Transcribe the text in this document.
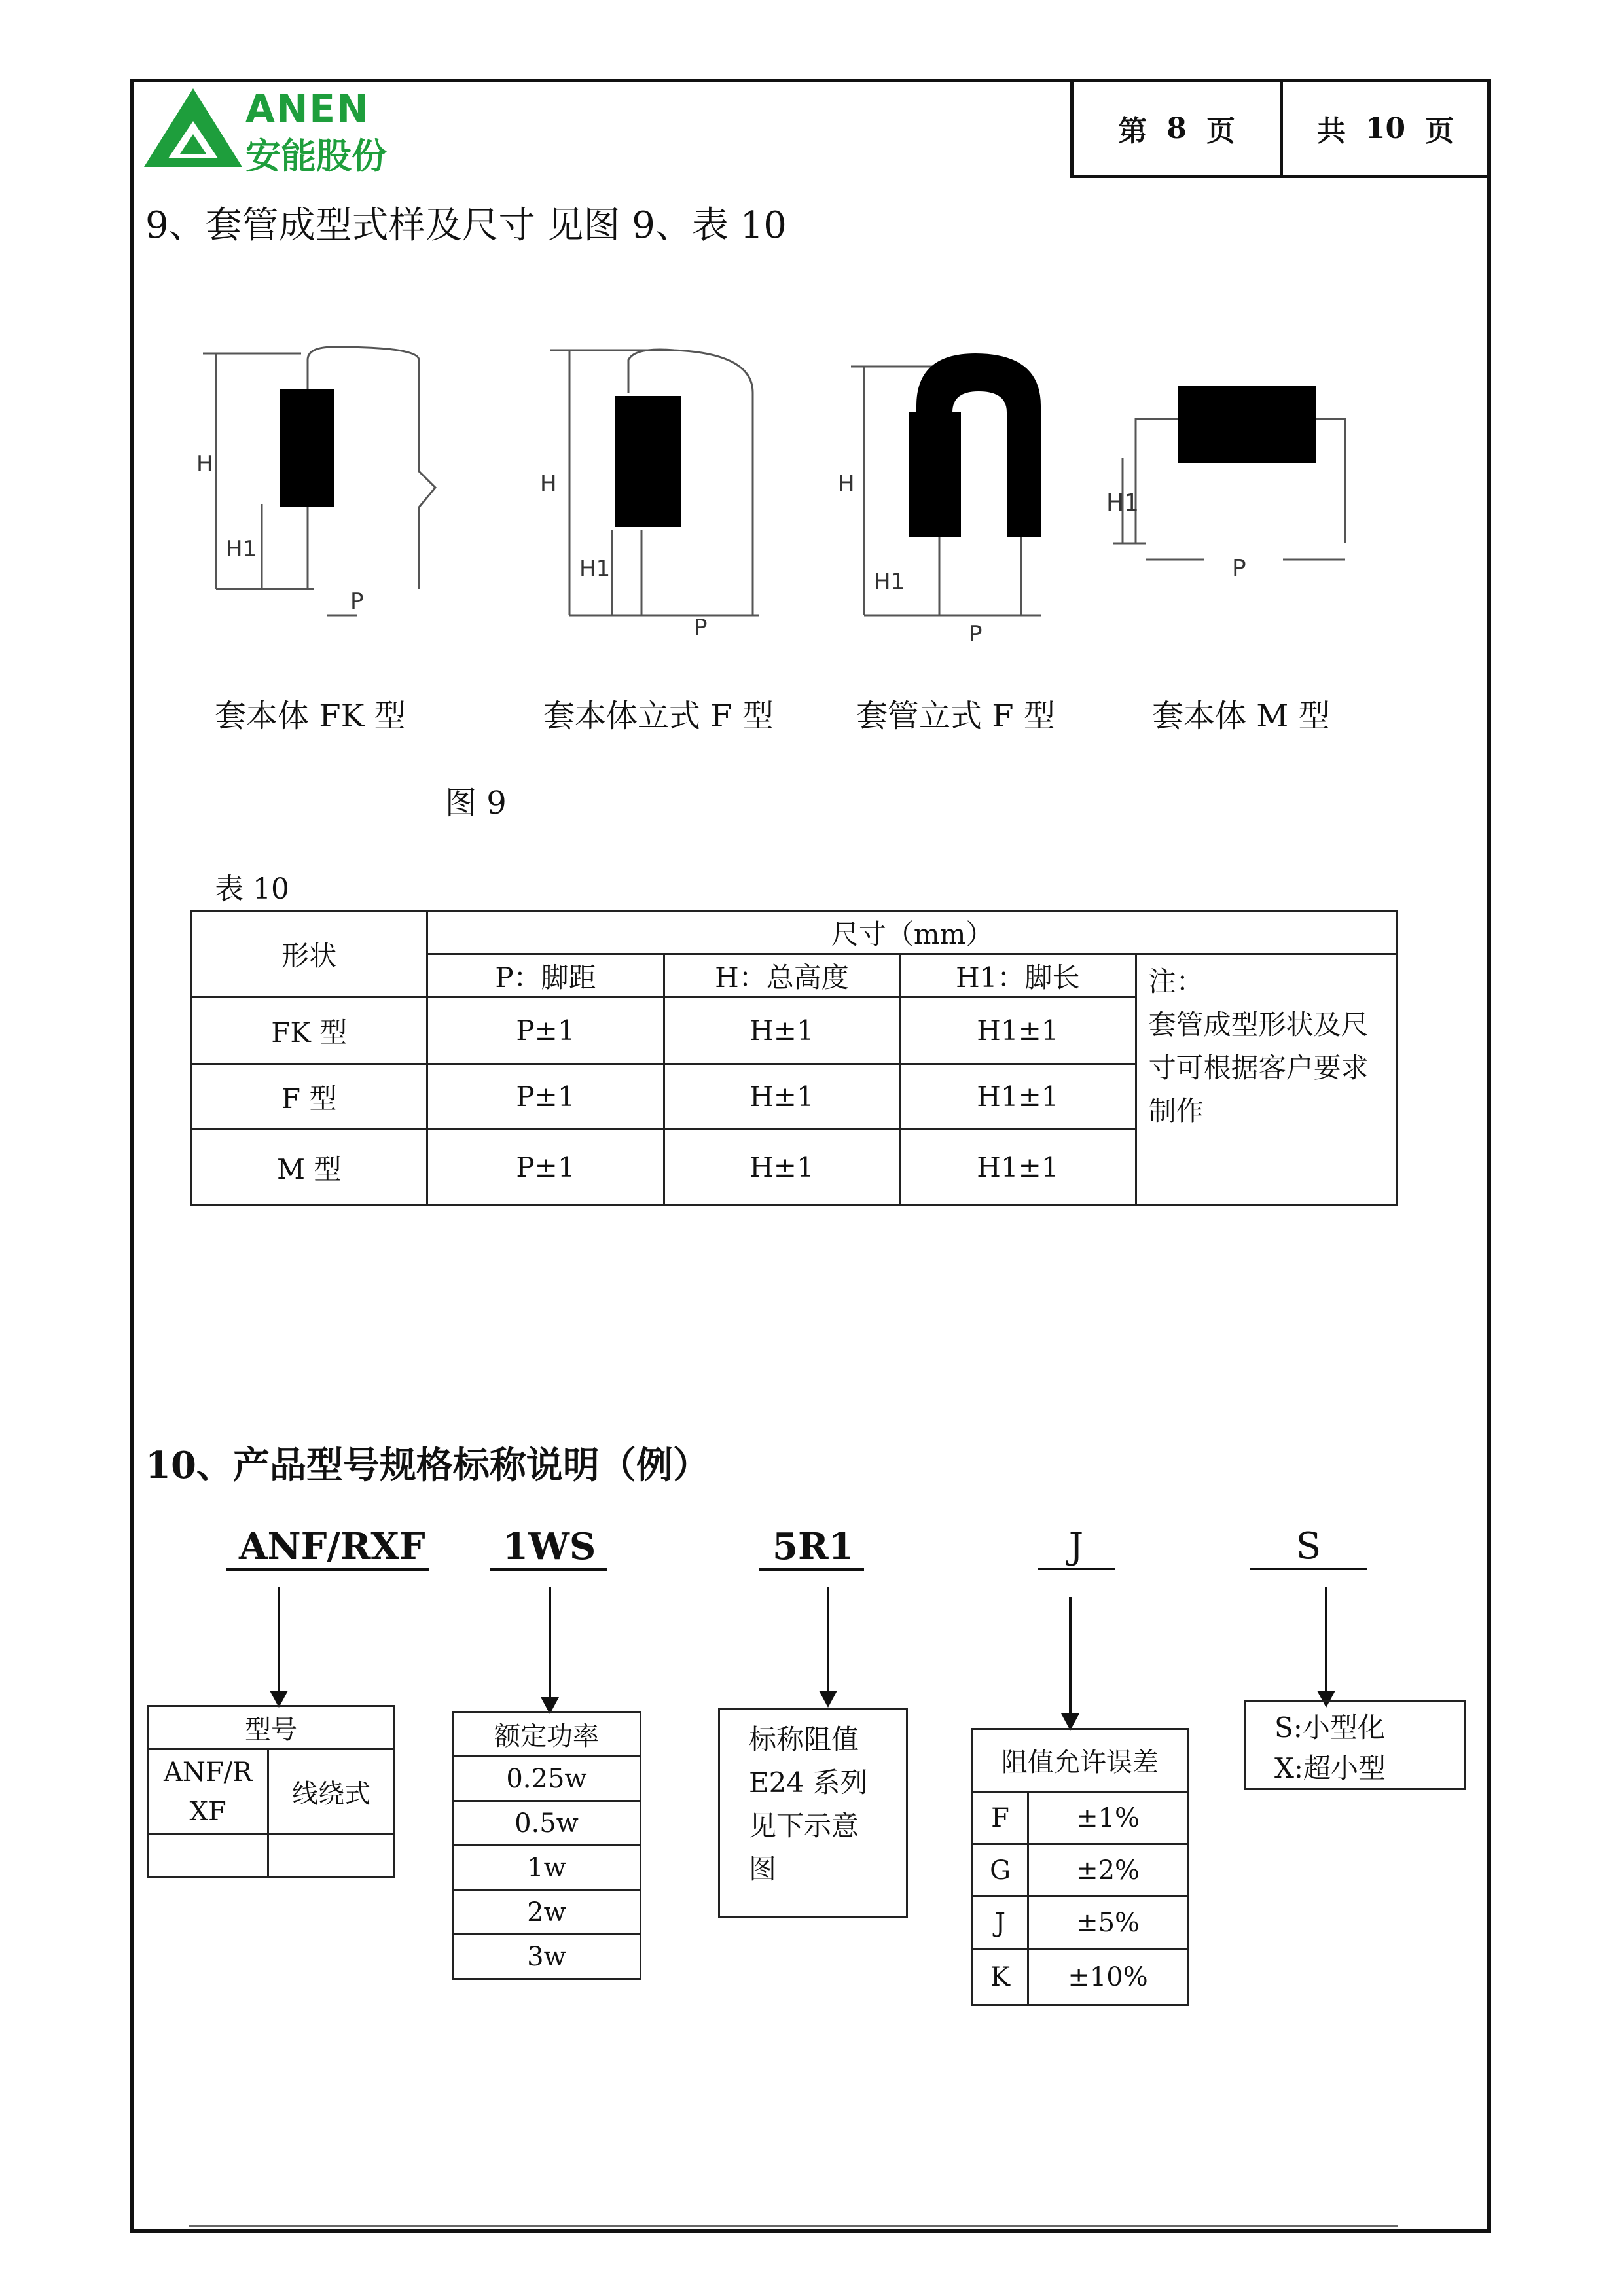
ANEN
安能股份
第 8 页	共 10 页
9、套管成型式样及尺寸 见图 9、表 10
H
H1
P
H
H1
P
H
H1
P
H1
P
套本体 FK 型	套本体立式 F 型	套管立式 F 型	套本体 M 型
图 9
表 10
形状	尺寸（mm）			
	P：脚距	H：总高度	H1：脚长	注：
套管成型形状及尺
寸可根据客户要求
制作

FK 型	P±1	H±1	H1±1	
F 型	P±1	H±1	H1±1	
M 型	P±1	H±1	H1±1	
10、产品型号规格标称说明（例）
ANF/RXF	1WS	5R1	J	S
型号	

ANF/R
XF	线绕式

额定功率
0.25w
0.5w
1w
2w
3w
标称阻值
E24 系列
见下示意图
阻值允许误差	
F	±1%
G	±2%
J	±5%
K	±10%
S:小型化
X:超小型
